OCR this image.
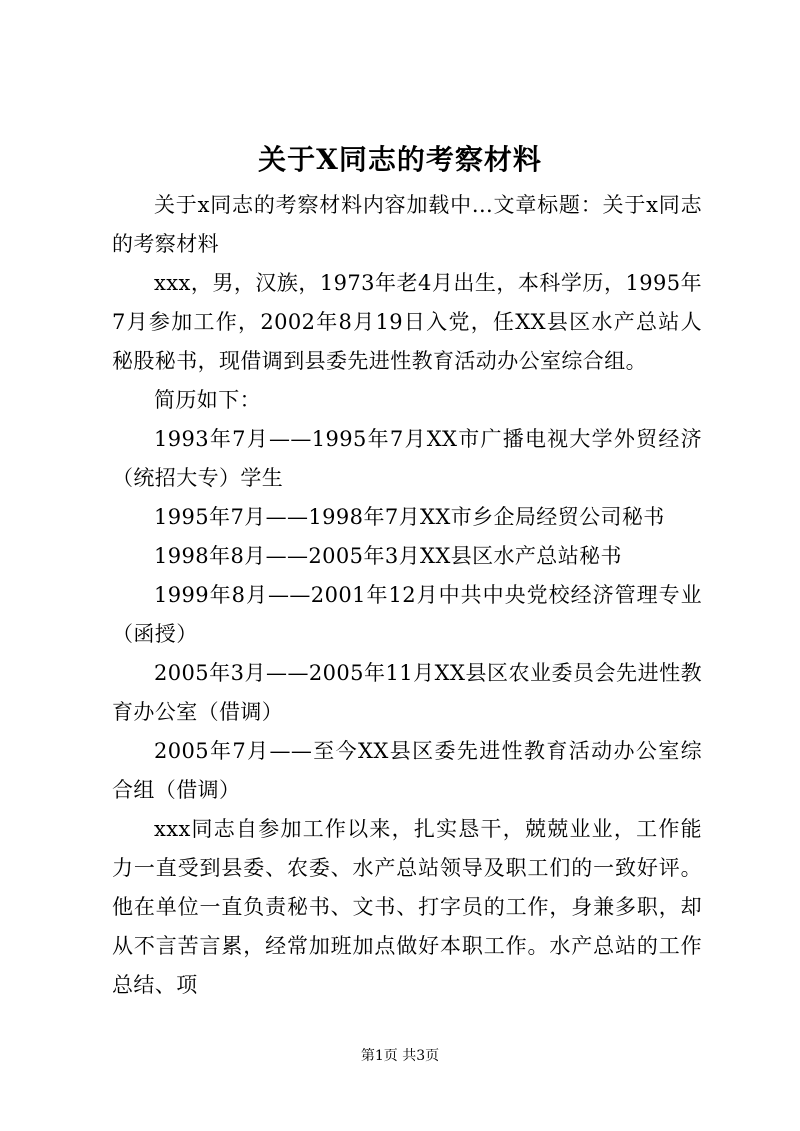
关于X同志的考察材料

关于x同志的考察材料内容加载中...文章标题：关于x同志的考察材料

xxx，男，汉族，1973年老4月出生，本科学历，1995年7月参加工作，2002年8月19日入党，任XX县区水产总站人秘股秘书，现借调到县委先进性教育活动办公室综合组。

简历如下：

1993年7月——1995年7月XX市广播电视大学外贸经济（统招大专）学生

1995年7月——1998年7月XX市乡企局经贸公司秘书

1998年8月——2005年3月XX县区水产总站秘书

1999年8月——2001年12月中共中央党校经济管理专业（函授）

2005年3月——2005年11月XX县区农业委员会先进性教育办公室（借调）

2005年7月——至今XX县区委先进性教育活动办公室综合组（借调）

xxx同志自参加工作以来，扎实恳干，兢兢业业，工作能力一直受到县委、农委、水产总站领导及职工们的一致好评。他在单位一直负责秘书、文书、打字员的工作，身兼多职，却从不言苦言累，经常加班加点做好本职工作。水产总站的工作总结、项

第1页 共3页
